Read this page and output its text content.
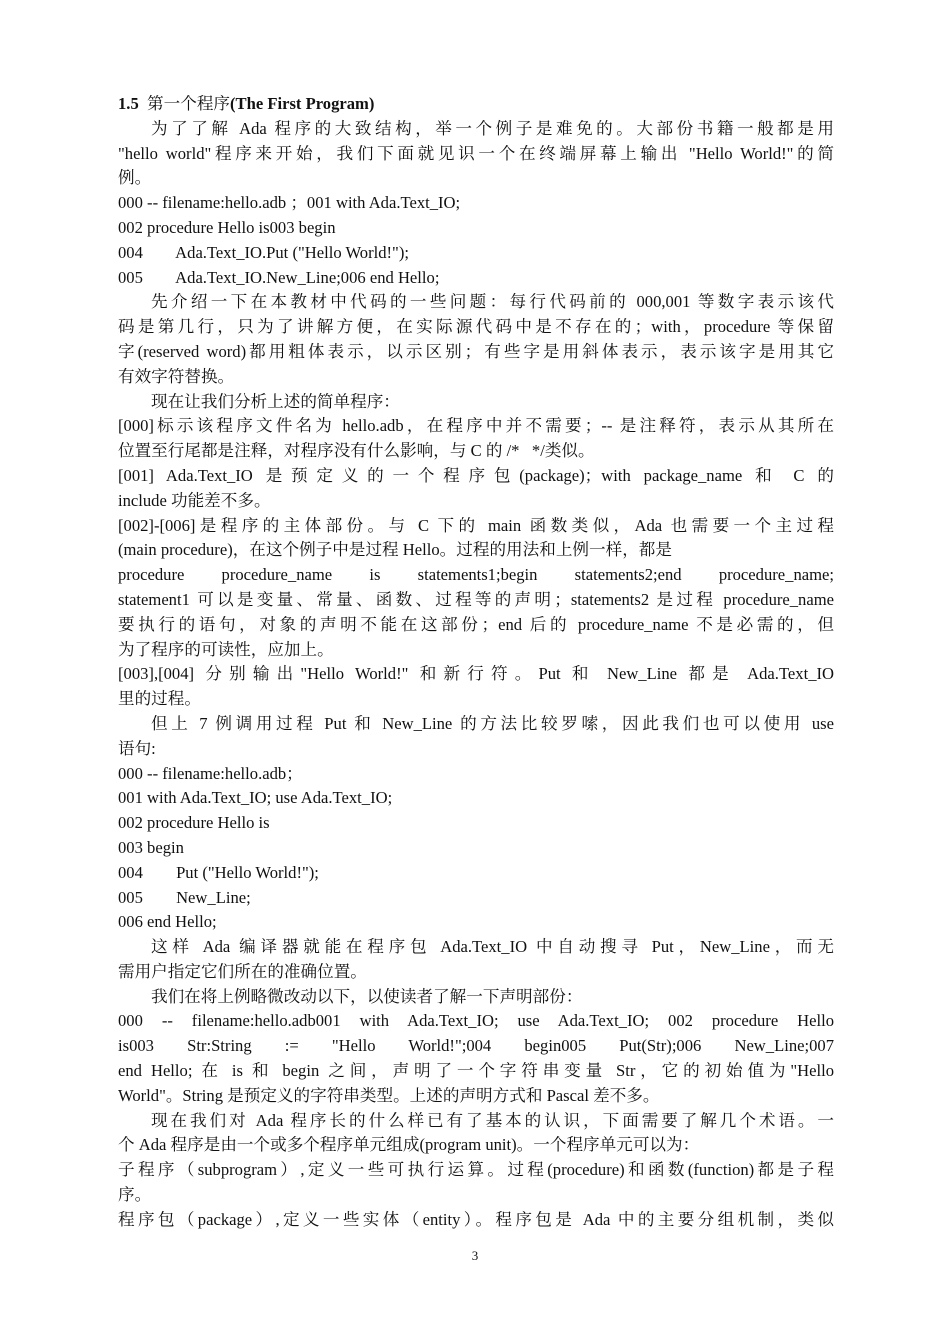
1.5 第一个程序(The First Program)
为了了解 Ada 程序的大致结构，举一个例子是难免的。大部份书籍一般都是用
"hello world"程序来开始，我们下面就见识一个在终端屏幕上输出 "Hello World!"的简
例。
000 -- filename:hello.adb ；001 with Ada.Text_IO;
002 procedure Hello is003 begin
004        Ada.Text_IO.Put ("Hello World!");
005        Ada.Text_IO.New_Line;006 end Hello;
先介绍一下在本教材中代码的一些问题：每行代码前的 000,001 等数字表示该代
码是第几行，只为了讲解方便，在实际源代码中是不存在的；with，procedure 等保留
字(reserved word)都用粗体表示，以示区别；有些字是用斜体表示，表示该字是用其它
有效字符替换。
现在让我们分析上述的简单程序：
[000]标示该程序文件名为 hello.adb，在程序中并不需要；-- 是注释符，表示从其所在
位置至行尾都是注释，对程序没有什么影响，与 C 的 /*   */类似。
[001] Ada.Text_IO 是预定义的一个程序包(package)；with package_name 和 C 的
include 功能差不多。
[002]-[006]是程序的主体部份。与 C 下的 main 函数类似，Ada 也需要一个主过程
(main procedure)，在这个例子中是过程 Hello。过程的用法和上例一样，都是
procedure procedure_name is statements1;begin statements2;end procedure_name;
statement1 可以是变量、常量、函数、过程等的声明；statements2 是过程 procedure_name
要执行的语句，对象的声明不能在这部份；end 后的 procedure_name 不是必需的，但
为了程序的可读性，应加上。
[003],[004] 分别输出"Hello World!" 和新行符。Put 和 New_Line 都是 Ada.Text_IO
里的过程。
但上 7 例调用过程 Put 和 New_Line 的方法比较罗嗦，因此我们也可以使用 use
语句:
000 -- filename:hello.adb；
001 with Ada.Text_IO; use Ada.Text_IO;
002 procedure Hello is
003 begin
004        Put ("Hello World!");
005        New_Line;
006 end Hello;
这样 Ada 编译器就能在程序包 Ada.Text_IO 中自动搜寻 Put，New_Line，而无
需用户指定它们所在的准确位置。
我们在将上例略微改动以下，以使读者了解一下声明部份：
000 -- filename:hello.adb001 with Ada.Text_IO; use Ada.Text_IO; 002 procedure Hello
is003 Str:String := "Hello World!";004 begin005 Put(Str);006 New_Line;007
end Hello; 在 is 和 begin 之间，声明了一个字符串变量 Str，它的初始值为"Hello
World"。String 是预定义的字符串类型。上述的声明方式和 Pascal 差不多。
现在我们对 Ada 程序长的什么样已有了基本的认识，下面需要了解几个术语。一
个 Ada 程序是由一个或多个程序单元组成(program unit)。一个程序单元可以为：
子程序（subprogram）,定义一些可执行运算。过程(procedure)和函数(function)都是子程
序。
程序包（package）,定义一些实体（entity）。程序包是 Ada 中的主要分组机制，类似
3
